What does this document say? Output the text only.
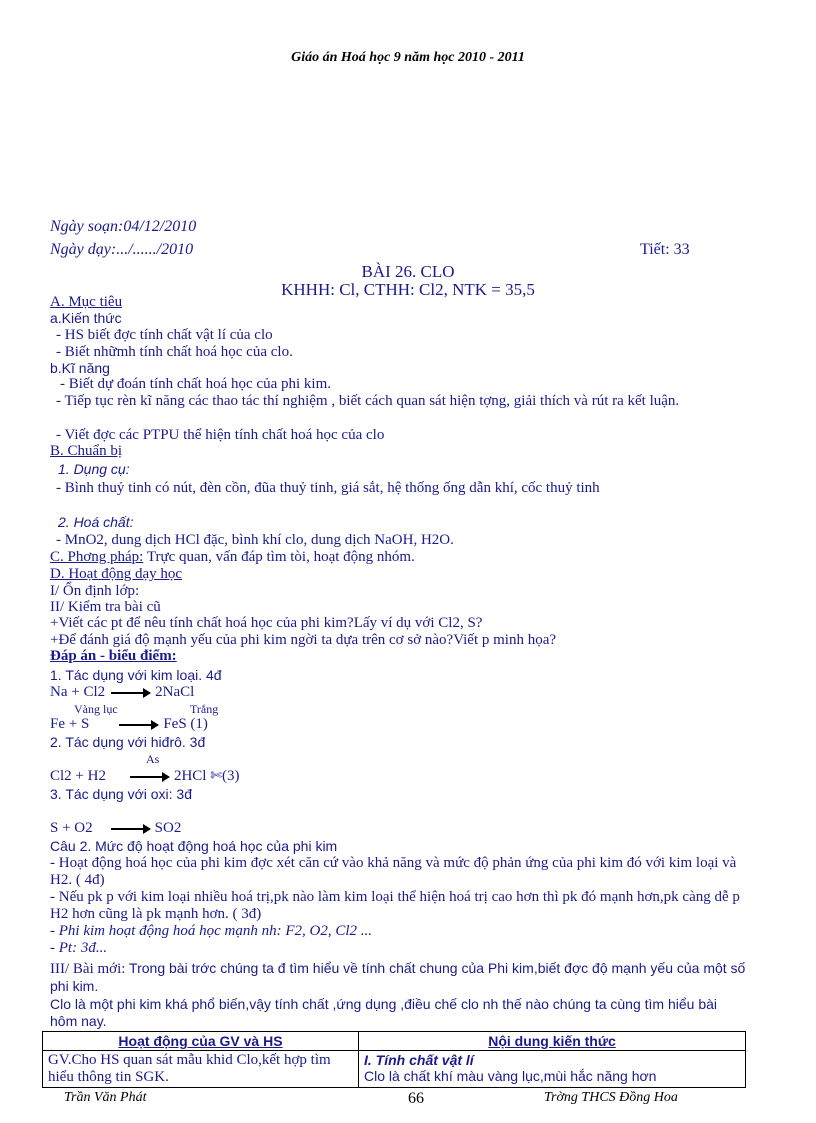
Giáo án Hoá học 9 năm học 2010 - 2011
Ngày soạn:04/12/2010
Ngày dạy:.../....../2010	Tiết: 33
BÀI 26. CLO
KHHH: Cl, CTHH: Cl2, NTK = 35,5
A. Mục tiêu
a.Kiến thức
- HS biết đợc tính chất vật lí của clo
- Biết nhữmh tính chất hoá học của clo.
b.Kĩ năng
- Biết dự đoán tính chất hoá học của phi kim.
- Tiếp tục rèn kĩ năng các thao tác thí nghiệm , biết cách quan sát hiện tợng, giải thích và rút ra kết luận.
- Viết đợc các PTPU thể hiện tính chất hoá học của clo
B. Chuẩn bị
1. Dụng cụ:
- Bình thuỷ tinh có nút, đèn cồn, đũa thuỷ tinh, giá sắt, hệ thống ống dẫn khí, cốc thuỷ tinh
2. Hoá chất:
- MnO2, dung dịch HCl đặc, bình khí clo, dung dịch NaOH, H2O.
C. Phơng pháp: Trực quan, vấn đáp tìm tòi, hoạt động nhóm.
D. Hoạt động dạy học
I/ Ổn định lớp:
II/ Kiểm tra bài cũ
+Viết các pt để nêu tính chất hoá học của phi kim?Lấy ví dụ với Cl2, S?
+Để đánh giá độ mạnh yếu của phi kim ngời ta dựa trên cơ sở nào?Viết p minh họa?
Đáp án - biểu điểm:
1. Tác dụng với kim loại. 4đ
Na + Cl2	2NaCl
Vàng lục	Trắng
Fe + S	FeS (1)
2. Tác dụng với hiđrô. 3đ
As
Cl2 + H2	2HCl ✄(3)
3. Tác dụng với oxi: 3đ
S + O2	SO2
Câu 2. Mức độ hoạt động hoá học của phi kim
- Hoạt động hoá học của phi kim đợc xét căn cứ vào khả năng và mức độ phản ứng của phi kim đó với kim loại và H2. ( 4đ)
- Nếu pk p với kim loại nhiều hoá trị,pk nào làm kim loại thể hiện hoá trị cao hơn thì pk đó mạnh hơn,pk càng dễ p H2 hơn cũng là pk mạnh hơn. ( 3đ)
- Phi kim hoạt động hoá học mạnh nh: F2, O2, Cl2 ...
- Pt: 3đ...
III/ Bài mới: Trong bài trớc chúng ta đ tìm hiểu về tính chất chung của Phi kim,biết đợc độ mạnh yếu của một số phi kim.
Clo là một phi kim khá phổ biến,vậy tính chất ,ứng dụng ,điều chế clo nh thế nào chúng ta cùng tìm hiểu bài hôm nay.
Hoạt động của GV và HS	Nội dung kiến thức
GV.Cho HS quan sát mẫu khid Clo,kết hợp tìm hiểu thông tin SGK.	I. Tính chất vật lí
Clo là chất khí màu vàng lục,mùi hắc năng hơn
Trần Văn Phát	66	Trờng THCS Đồng Hoa
